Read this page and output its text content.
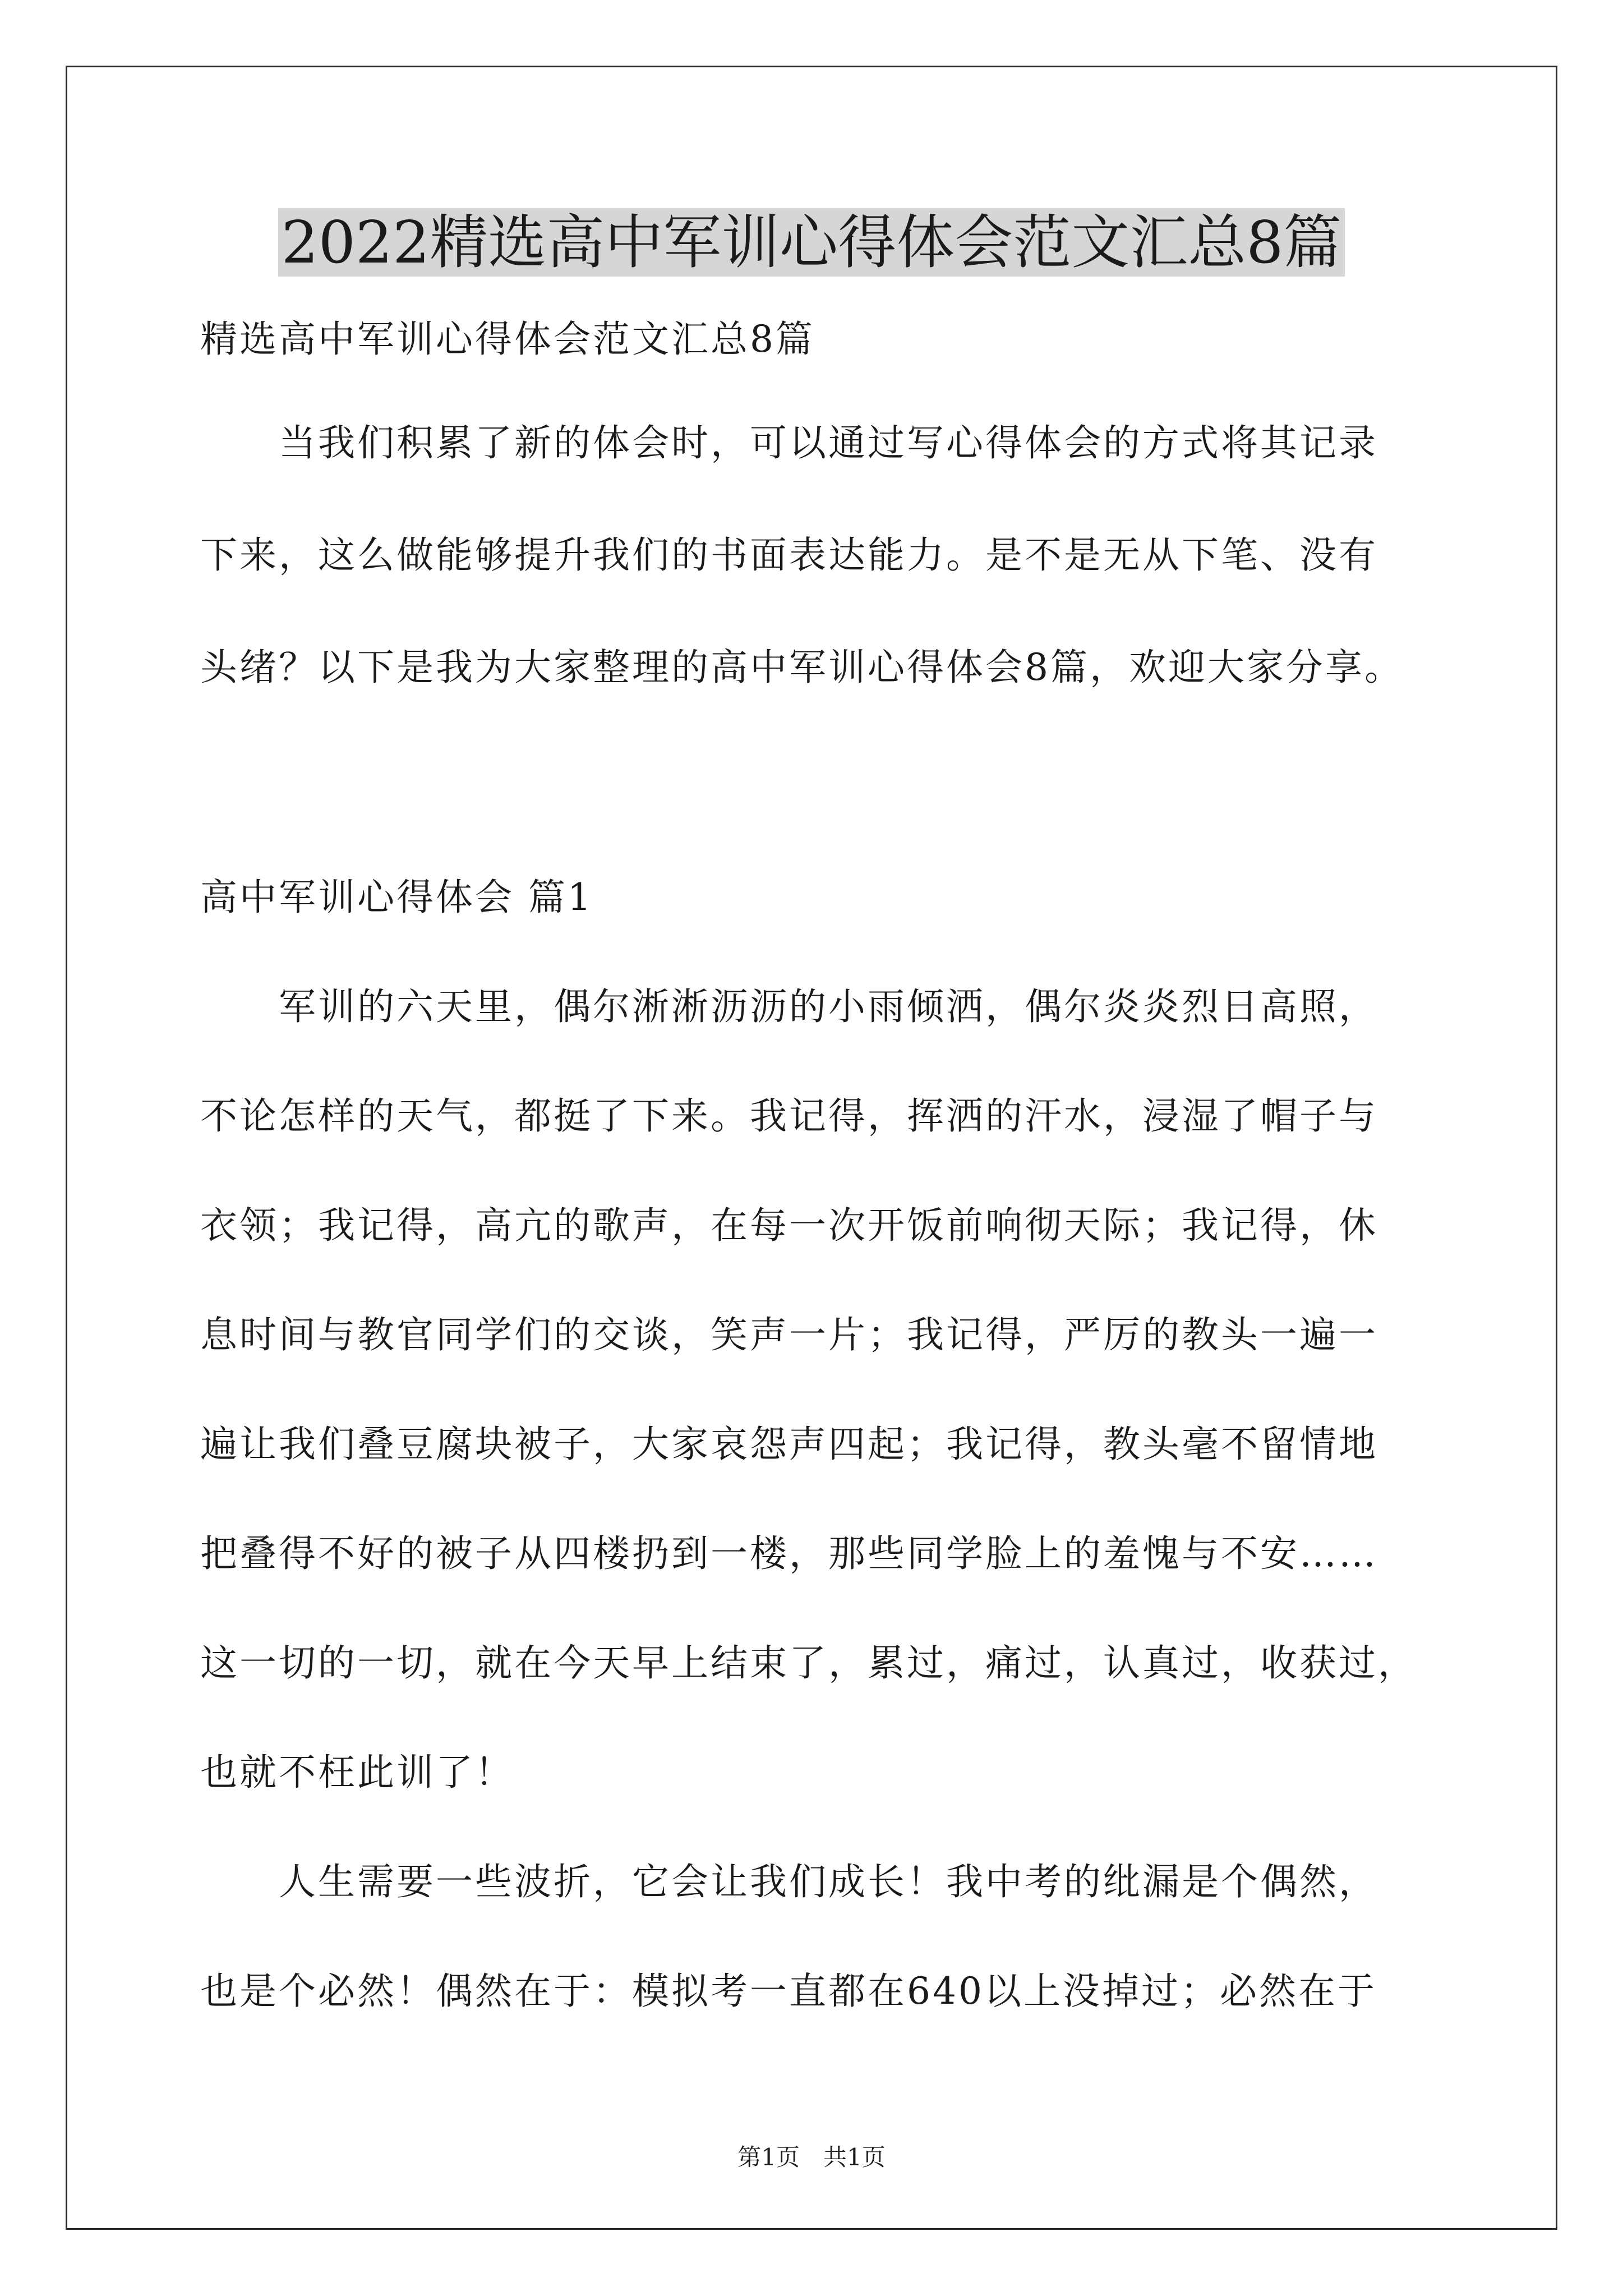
2022精选高中军训心得体会范文汇总8篇
精选高中军训心得体会范文汇总8篇
　　当我们积累了新的体会时，可以通过写心得体会的方式将其记录
下来，这么做能够提升我们的书面表达能力。是不是无从下笔、没有
头绪？以下是我为大家整理的高中军训心得体会8篇，欢迎大家分享。
高中军训心得体会 篇1
　　军训的六天里，偶尔淅淅沥沥的小雨倾洒，偶尔炎炎烈日高照，
不论怎样的天气，都挺了下来。我记得，挥洒的汗水，浸湿了帽子与
衣领；我记得，高亢的歌声，在每一次开饭前响彻天际；我记得，休
息时间与教官同学们的交谈，笑声一片；我记得，严厉的教头一遍一
遍让我们叠豆腐块被子，大家哀怨声四起；我记得，教头毫不留情地
把叠得不好的被子从四楼扔到一楼，那些同学脸上的羞愧与不安……
这一切的一切，就在今天早上结束了，累过，痛过，认真过，收获过，
也就不枉此训了！
　　人生需要一些波折，它会让我们成长！我中考的纰漏是个偶然，
也是个必然！偶然在于：模拟考一直都在640以上没掉过；必然在于
第1页　共1页
